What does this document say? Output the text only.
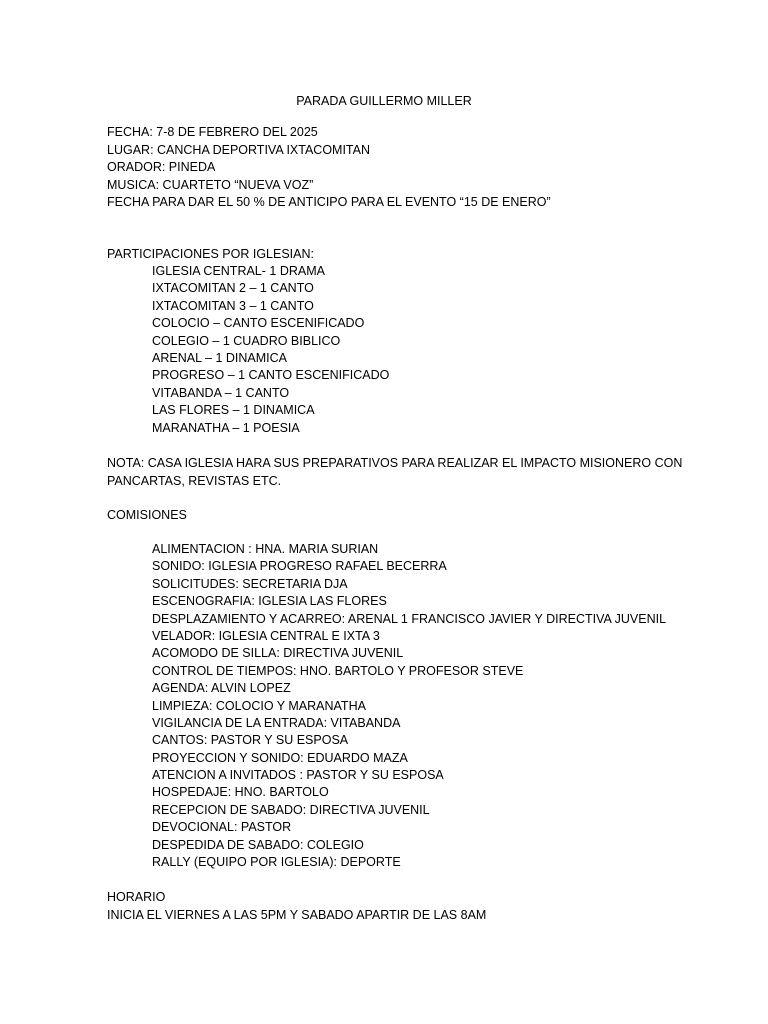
PARADA GUILLERMO MILLER
FECHA: 7-8 DE FEBRERO DEL 2025
LUGAR: CANCHA DEPORTIVA IXTACOMITAN
ORADOR: PINEDA
MUSICA: CUARTETO “NUEVA VOZ”
FECHA PARA DAR EL 50 % DE ANTICIPO PARA EL EVENTO “15 DE ENERO”
PARTICIPACIONES POR IGLESIAN:
IGLESIA CENTRAL- 1 DRAMA
IXTACOMITAN 2 – 1 CANTO
IXTACOMITAN 3 – 1 CANTO
COLOCIO – CANTO ESCENIFICADO
COLEGIO – 1 CUADRO BIBLICO
ARENAL – 1 DINAMICA
PROGRESO – 1 CANTO ESCENIFICADO
VITABANDA – 1 CANTO
LAS FLORES – 1 DINAMICA
MARANATHA – 1 POESIA
NOTA: CASA IGLESIA HARA SUS PREPARATIVOS PARA REALIZAR EL IMPACTO MISIONERO CON
PANCARTAS, REVISTAS ETC.
COMISIONES
ALIMENTACION : HNA. MARIA SURIAN
SONIDO: IGLESIA PROGRESO RAFAEL BECERRA
SOLICITUDES: SECRETARIA DJA
ESCENOGRAFIA: IGLESIA LAS FLORES
DESPLAZAMIENTO Y ACARREO: ARENAL 1 FRANCISCO JAVIER Y DIRECTIVA JUVENIL
VELADOR: IGLESIA CENTRAL E IXTA 3
ACOMODO DE SILLA: DIRECTIVA JUVENIL
CONTROL DE TIEMPOS: HNO. BARTOLO Y PROFESOR STEVE
AGENDA: ALVIN LOPEZ
LIMPIEZA: COLOCIO Y MARANATHA
VIGILANCIA DE LA ENTRADA: VITABANDA
CANTOS: PASTOR Y SU ESPOSA
PROYECCION Y SONIDO: EDUARDO MAZA
ATENCION A INVITADOS : PASTOR Y SU ESPOSA
HOSPEDAJE: HNO. BARTOLO
RECEPCION DE SABADO: DIRECTIVA JUVENIL
DEVOCIONAL: PASTOR
DESPEDIDA DE SABADO: COLEGIO
RALLY (EQUIPO POR IGLESIA): DEPORTE
HORARIO
INICIA EL VIERNES A LAS 5PM Y SABADO APARTIR DE LAS 8AM
